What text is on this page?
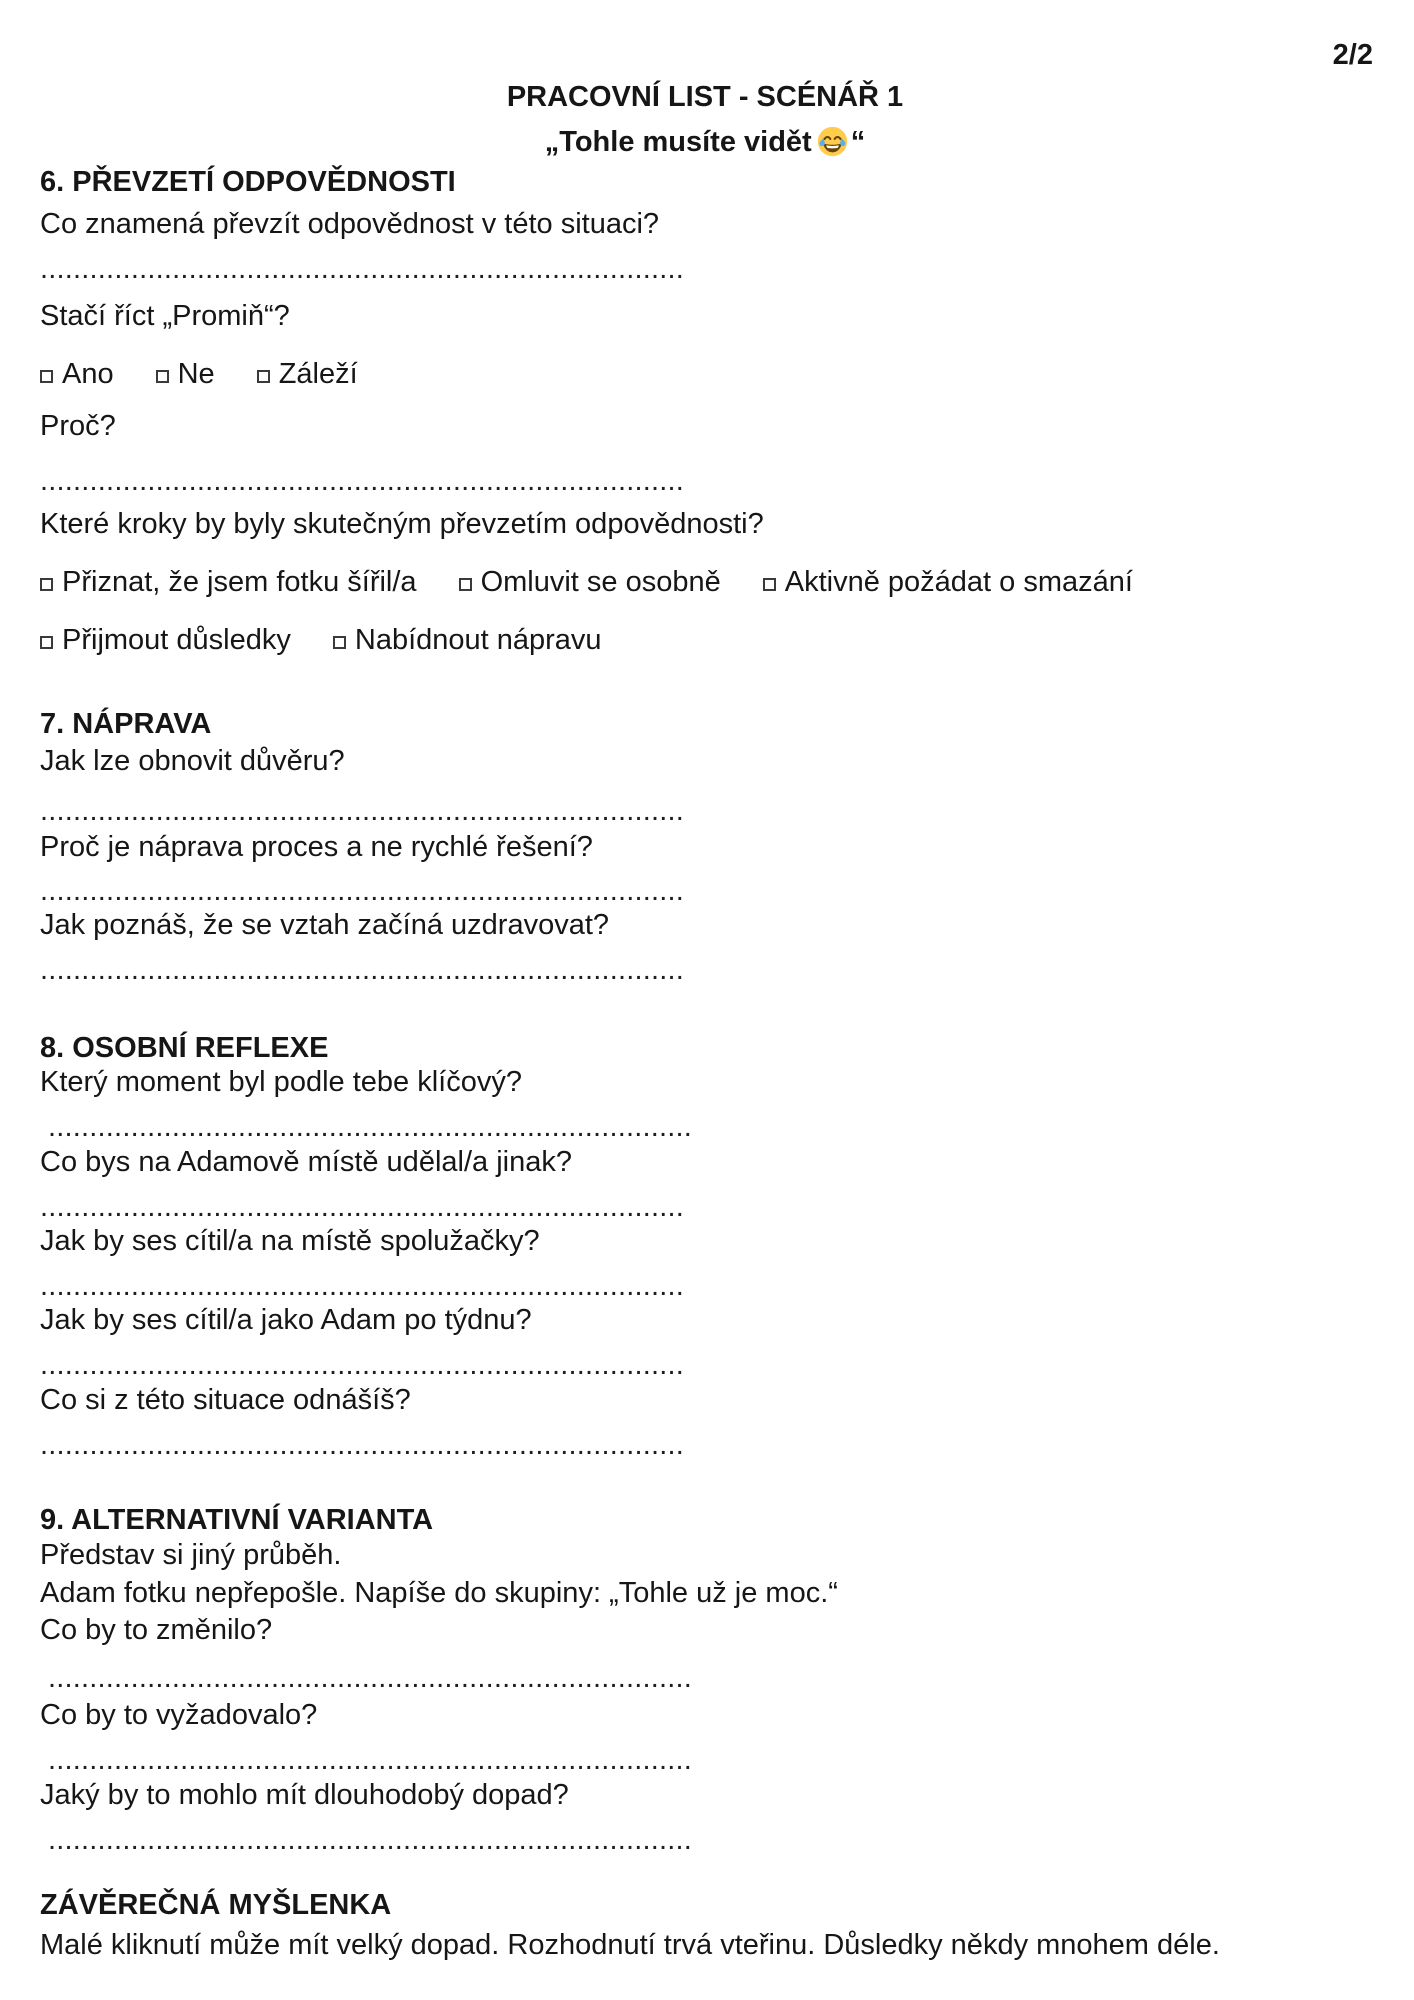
2/2
PRACOVNÍ LIST - SCÉNÁŘ 1
„Tohle musíte vidět “
6. PŘEVZETÍ ODPOVĚDNOSTI
Co znamená převzít odpovědnost v této situaci?
..............................................................................
Stačí říct „Promiň“?
Ano	Ne	Záleží
Proč?
..............................................................................
Které kroky by byly skutečným převzetím odpovědnosti?
Přiznat, že jsem fotku šířil/a	Omluvit se osobně	Aktivně požádat o smazání
Přijmout důsledky	Nabídnout nápravu
7. NÁPRAVA
Jak lze obnovit důvěru?
..............................................................................
Proč je náprava proces a ne rychlé řešení?
..............................................................................
Jak poznáš, že se vztah začíná uzdravovat?
..............................................................................
8. OSOBNÍ REFLEXE
Který moment byl podle tebe klíčový?
..............................................................................
Co bys na Adamově místě udělal/a jinak?
..............................................................................
Jak by ses cítil/a na místě spolužačky?
..............................................................................
Jak by ses cítil/a jako Adam po týdnu?
..............................................................................
Co si z této situace odnášíš?
..............................................................................
9. ALTERNATIVNÍ VARIANTA
Představ si jiný průběh.
Adam fotku nepřepošle. Napíše do skupiny: „Tohle už je moc.“
Co by to změnilo?
..............................................................................
Co by to vyžadovalo?
..............................................................................
Jaký by to mohlo mít dlouhodobý dopad?
..............................................................................
ZÁVĚREČNÁ MYŠLENKA
Malé kliknutí může mít velký dopad. Rozhodnutí trvá vteřinu. Důsledky někdy mnohem déle.
